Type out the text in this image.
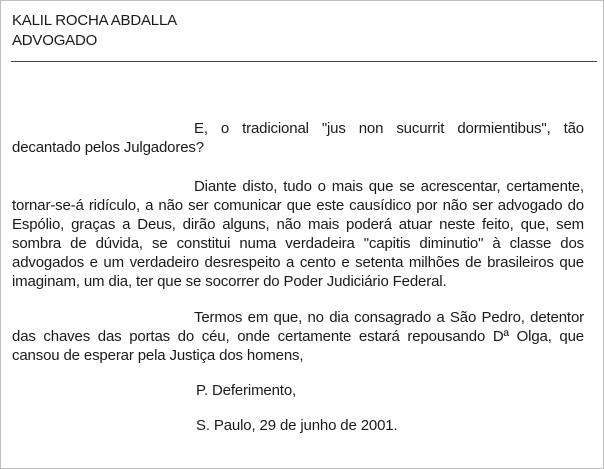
KALIL ROCHA ABDALLA
ADVOGADO

E, o tradicional "jus non sucurrit dormientibus", tão decantado pelos Julgadores?

Diante disto, tudo o mais que se acrescentar, certamente, tornar-se-á ridículo, a não ser comunicar que este causídico por não ser advogado do Espólio, graças a Deus, dirão alguns, não mais poderá atuar neste feito, que, sem sombra de dúvida, se constitui numa verdadeira "capitis diminutio" à classe dos advogados e um verdadeiro desrespeito a cento e setenta milhões de brasileiros que imaginam, um dia, ter que se socorrer do Poder Judiciário Federal.

Termos em que, no dia consagrado a São Pedro, detentor das chaves das portas do céu, onde certamente estará repousando Dª Olga, que cansou de esperar pela Justiça dos homens,

P. Deferimento,

S. Paulo, 29 de junho de 2001.
